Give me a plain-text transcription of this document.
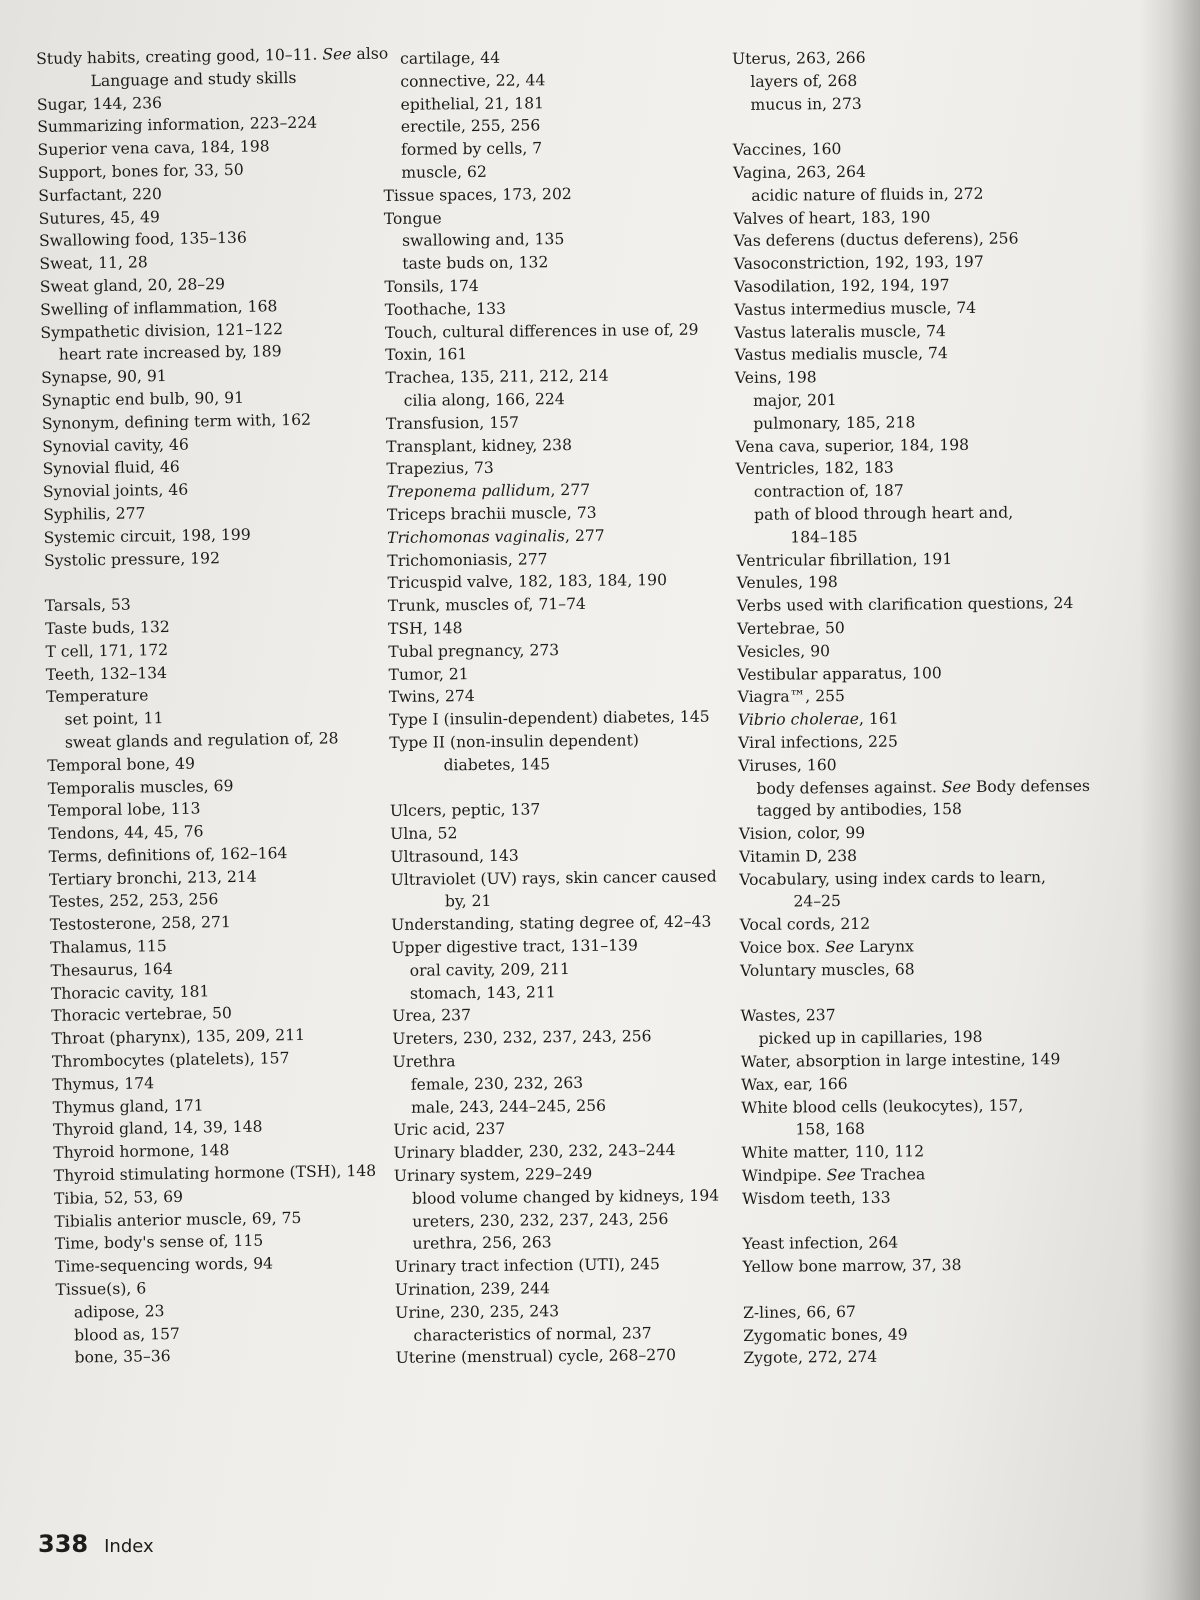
Study habits, creating good, 10–11. See also
Language and study skills
Sugar, 144, 236
Summarizing information, 223–224
Superior vena cava, 184, 198
Support, bones for, 33, 50
Surfactant, 220
Sutures, 45, 49
Swallowing food, 135–136
Sweat, 11, 28
Sweat gland, 20, 28–29
Swelling of inflammation, 168
Sympathetic division, 121–122
heart rate increased by, 189
Synapse, 90, 91
Synaptic end bulb, 90, 91
Synonym, defining term with, 162
Synovial cavity, 46
Synovial fluid, 46
Synovial joints, 46
Syphilis, 277
Systemic circuit, 198, 199
Systolic pressure, 192
Tarsals, 53
Taste buds, 132
T cell, 171, 172
Teeth, 132–134
Temperature
set point, 11
sweat glands and regulation of, 28
Temporal bone, 49
Temporalis muscles, 69
Temporal lobe, 113
Tendons, 44, 45, 76
Terms, definitions of, 162–164
Tertiary bronchi, 213, 214
Testes, 252, 253, 256
Testosterone, 258, 271
Thalamus, 115
Thesaurus, 164
Thoracic cavity, 181
Thoracic vertebrae, 50
Throat (pharynx), 135, 209, 211
Thrombocytes (platelets), 157
Thymus, 174
Thymus gland, 171
Thyroid gland, 14, 39, 148
Thyroid hormone, 148
Thyroid stimulating hormone (TSH), 148
Tibia, 52, 53, 69
Tibialis anterior muscle, 69, 75
Time, body's sense of, 115
Time-sequencing words, 94
Tissue(s), 6
adipose, 23
blood as, 157
bone, 35–36
cartilage, 44
connective, 22, 44
epithelial, 21, 181
erectile, 255, 256
formed by cells, 7
muscle, 62
Tissue spaces, 173, 202
Tongue
swallowing and, 135
taste buds on, 132
Tonsils, 174
Toothache, 133
Touch, cultural differences in use of, 29
Toxin, 161
Trachea, 135, 211, 212, 214
cilia along, 166, 224
Transfusion, 157
Transplant, kidney, 238
Trapezius, 73
Treponema pallidum, 277
Triceps brachii muscle, 73
Trichomonas vaginalis, 277
Trichomoniasis, 277
Tricuspid valve, 182, 183, 184, 190
Trunk, muscles of, 71–74
TSH, 148
Tubal pregnancy, 273
Tumor, 21
Twins, 274
Type I (insulin-dependent) diabetes, 145
Type II (non-insulin dependent)
diabetes, 145
Ulcers, peptic, 137
Ulna, 52
Ultrasound, 143
Ultraviolet (UV) rays, skin cancer caused
by, 21
Understanding, stating degree of, 42–43
Upper digestive tract, 131–139
oral cavity, 209, 211
stomach, 143, 211
Urea, 237
Ureters, 230, 232, 237, 243, 256
Urethra
female, 230, 232, 263
male, 243, 244–245, 256
Uric acid, 237
Urinary bladder, 230, 232, 243–244
Urinary system, 229–249
blood volume changed by kidneys, 194
ureters, 230, 232, 237, 243, 256
urethra, 256, 263
Urinary tract infection (UTI), 245
Urination, 239, 244
Urine, 230, 235, 243
characteristics of normal, 237
Uterine (menstrual) cycle, 268–270
Uterus, 263, 266
layers of, 268
mucus in, 273
Vaccines, 160
Vagina, 263, 264
acidic nature of fluids in, 272
Valves of heart, 183, 190
Vas deferens (ductus deferens), 256
Vasoconstriction, 192, 193, 197
Vasodilation, 192, 194, 197
Vastus intermedius muscle, 74
Vastus lateralis muscle, 74
Vastus medialis muscle, 74
Veins, 198
major, 201
pulmonary, 185, 218
Vena cava, superior, 184, 198
Ventricles, 182, 183
contraction of, 187
path of blood through heart and,
184–185
Ventricular fibrillation, 191
Venules, 198
Verbs used with clarification questions, 24
Vertebrae, 50
Vesicles, 90
Vestibular apparatus, 100
Viagra™, 255
Vibrio cholerae, 161
Viral infections, 225
Viruses, 160
body defenses against. See Body defenses
tagged by antibodies, 158
Vision, color, 99
Vitamin D, 238
Vocabulary, using index cards to learn,
24–25
Vocal cords, 212
Voice box. See Larynx
Voluntary muscles, 68
Wastes, 237
picked up in capillaries, 198
Water, absorption in large intestine, 149
Wax, ear, 166
White blood cells (leukocytes), 157,
158, 168
White matter, 110, 112
Windpipe. See Trachea
Wisdom teeth, 133
Yeast infection, 264
Yellow bone marrow, 37, 38
Z-lines, 66, 67
Zygomatic bones, 49
Zygote, 272, 274
338 Index
